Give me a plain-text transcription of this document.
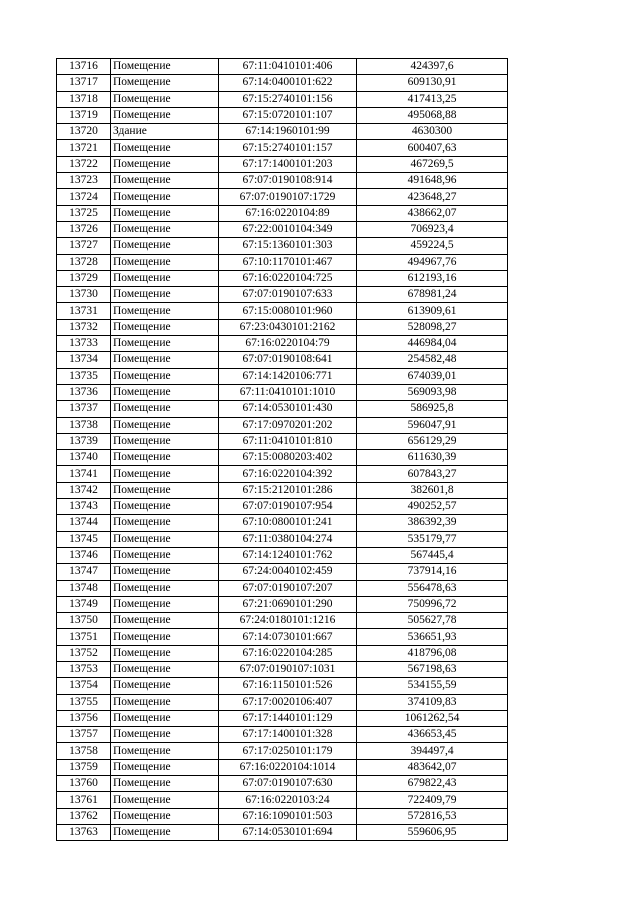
13716	Помещение	67:11:0410101:406	424397,6
13717	Помещение	67:14:0400101:622	609130,91
13718	Помещение	67:15:2740101:156	417413,25
13719	Помещение	67:15:0720101:107	495068,88
13720	Здание	67:14:1960101:99	4630300
13721	Помещение	67:15:2740101:157	600407,63
13722	Помещение	67:17:1400101:203	467269,5
13723	Помещение	67:07:0190108:914	491648,96
13724	Помещение	67:07:0190107:1729	423648,27
13725	Помещение	67:16:0220104:89	438662,07
13726	Помещение	67:22:0010104:349	706923,4
13727	Помещение	67:15:1360101:303	459224,5
13728	Помещение	67:10:1170101:467	494967,76
13729	Помещение	67:16:0220104:725	612193,16
13730	Помещение	67:07:0190107:633	678981,24
13731	Помещение	67:15:0080101:960	613909,61
13732	Помещение	67:23:0430101:2162	528098,27
13733	Помещение	67:16:0220104:79	446984,04
13734	Помещение	67:07:0190108:641	254582,48
13735	Помещение	67:14:1420106:771	674039,01
13736	Помещение	67:11:0410101:1010	569093,98
13737	Помещение	67:14:0530101:430	586925,8
13738	Помещение	67:17:0970201:202	596047,91
13739	Помещение	67:11:0410101:810	656129,29
13740	Помещение	67:15:0080203:402	611630,39
13741	Помещение	67:16:0220104:392	607843,27
13742	Помещение	67:15:2120101:286	382601,8
13743	Помещение	67:07:0190107:954	490252,57
13744	Помещение	67:10:0800101:241	386392,39
13745	Помещение	67:11:0380104:274	535179,77
13746	Помещение	67:14:1240101:762	567445,4
13747	Помещение	67:24:0040102:459	737914,16
13748	Помещение	67:07:0190107:207	556478,63
13749	Помещение	67:21:0690101:290	750996,72
13750	Помещение	67:24:0180101:1216	505627,78
13751	Помещение	67:14:0730101:667	536651,93
13752	Помещение	67:16:0220104:285	418796,08
13753	Помещение	67:07:0190107:1031	567198,63
13754	Помещение	67:16:1150101:526	534155,59
13755	Помещение	67:17:0020106:407	374109,83
13756	Помещение	67:17:1440101:129	1061262,54
13757	Помещение	67:17:1400101:328	436653,45
13758	Помещение	67:17:0250101:179	394497,4
13759	Помещение	67:16:0220104:1014	483642,07
13760	Помещение	67:07:0190107:630	679822,43
13761	Помещение	67:16:0220103:24	722409,79
13762	Помещение	67:16:1090101:503	572816,53
13763	Помещение	67:14:0530101:694	559606,95
